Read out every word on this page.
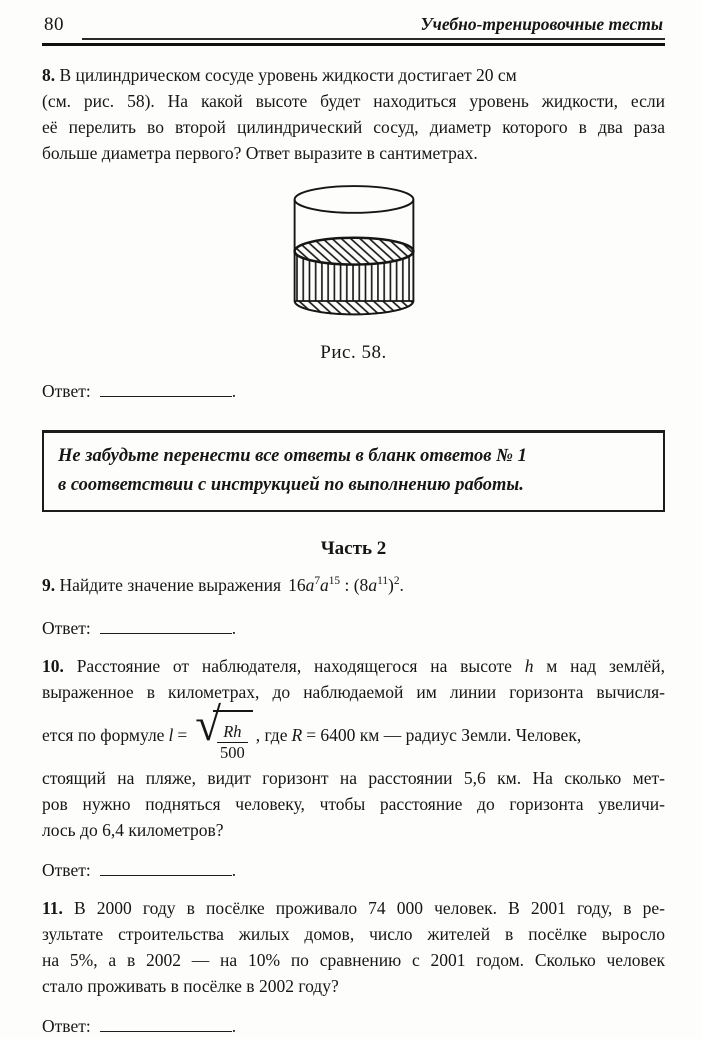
80	Учебно-тренировочные тесты
8. В цилиндрическом сосуде уровень жидкости достигает 20 см
(см. рис. 58). На какой высоте будет находиться уровень жидкости, если
её перелить во второй цилиндрический сосуд, диаметр которого в два раза
больше диаметра первого? Ответ выразите в сантиметрах.
Рис. 58.
Ответ:	.
Не забудьте перенести все ответы в бланк ответов № 1
в соответствии с инструкцией по выполнению работы.
Часть 2
9. Найдите значение выражения $16a^7a^{15}$ : $(8a^{11})^2$.
Ответ:	.
10. Расстояние от наблюдателя, находящегося на высоте h м над землёй,
выраженное в километрах, до наблюдаемой им линии горизонта вычисля-
ется по формуле l = √
$\frac{Rh}{500}$ , где R = 6400 км — радиус Земли. Человек,
стоящий на пляже, видит горизонт на расстоянии 5,6 км. На сколько мет-
ров нужно подняться человеку, чтобы расстояние до горизонта увеличи-
лось до 6,4 километров?
Ответ:	.
11. В 2000 году в посёлке проживало 74 000 человек. В 2001 году, в ре-
зультате строительства жилых домов, число жителей в посёлке выросло
на 5%, а в 2002 — на 10% по сравнению с 2001 годом. Сколько человек
стало проживать в посёлке в 2002 году?
Ответ:	.
